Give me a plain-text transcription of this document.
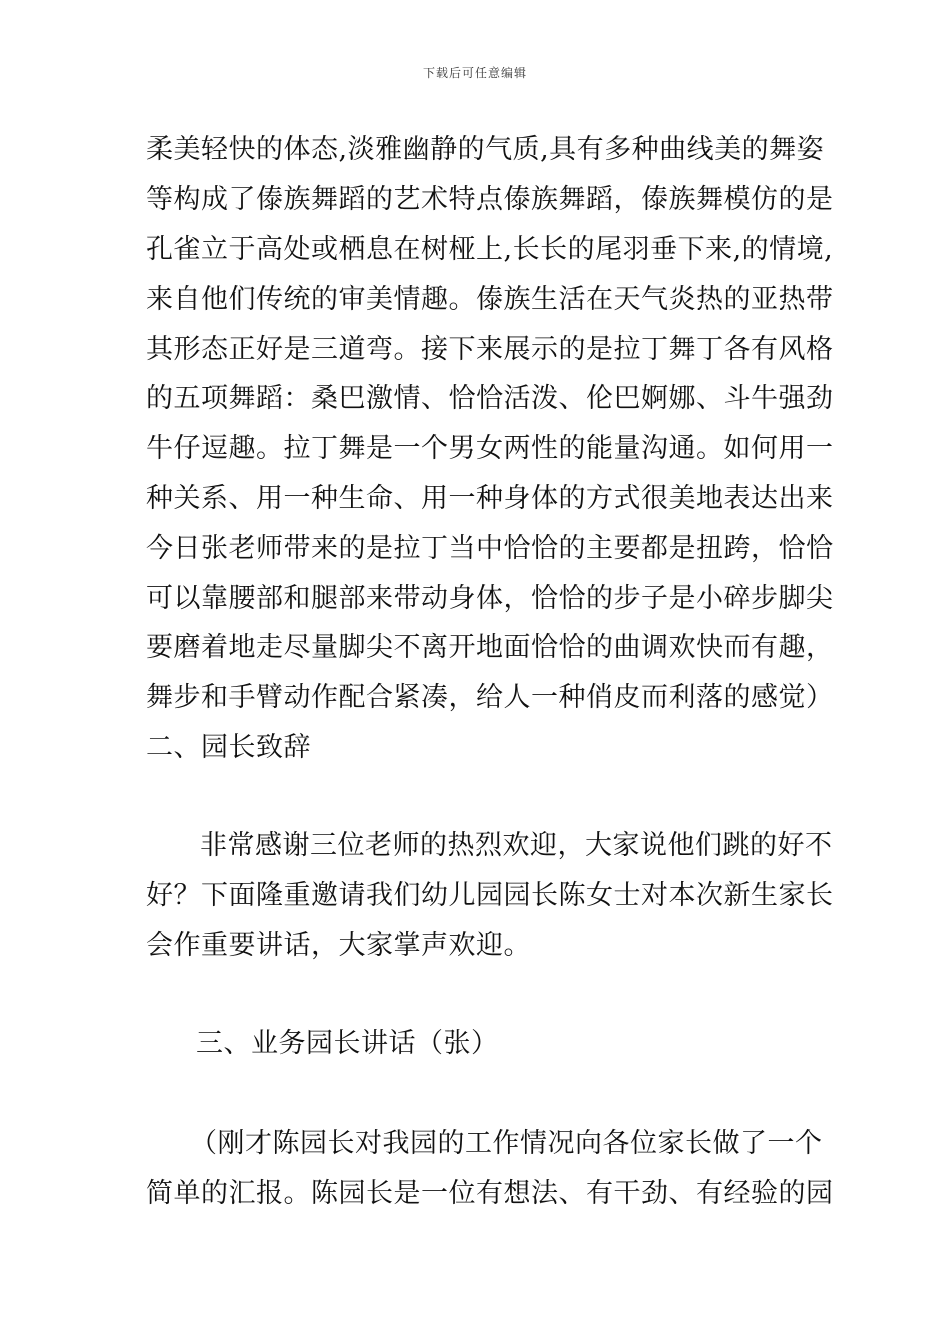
下载后可任意编辑
柔美轻快的体态,淡雅幽静的气质,具有多种曲线美的舞姿
等构成了傣族舞蹈的艺术特点傣族舞蹈，傣族舞模仿的是
孔雀立于高处或栖息在树桠上,长长的尾羽垂下来,的情境,
来自他们传统的审美情趣。傣族生活在天气炎热的亚热带
其形态正好是三道弯。接下来展示的是拉丁舞丁各有风格
的五项舞蹈：桑巴激情、恰恰活泼、伦巴婀娜、斗牛强劲
牛仔逗趣。拉丁舞是一个男女两性的能量沟通。如何用一
种关系、用一种生命、用一种身体的方式很美地表达出来
今日张老师带来的是拉丁当中恰恰的主要都是扭跨，恰恰
可以靠腰部和腿部来带动身体，恰恰的步子是小碎步脚尖
要磨着地走尽量脚尖不离开地面恰恰的曲调欢快而有趣，
舞步和手臂动作配合紧凑，给人一种俏皮而利落的感觉）
二、园长致辞
非常感谢三位老师的热烈欢迎，大家说他们跳的好不
好？下面隆重邀请我们幼儿园园长陈女士对本次新生家长
会作重要讲话，大家掌声欢迎。
三、业务园长讲话（张）
（刚才陈园长对我园的工作情况向各位家长做了一个
简单的汇报。陈园长是一位有想法、有干劲、有经验的园
